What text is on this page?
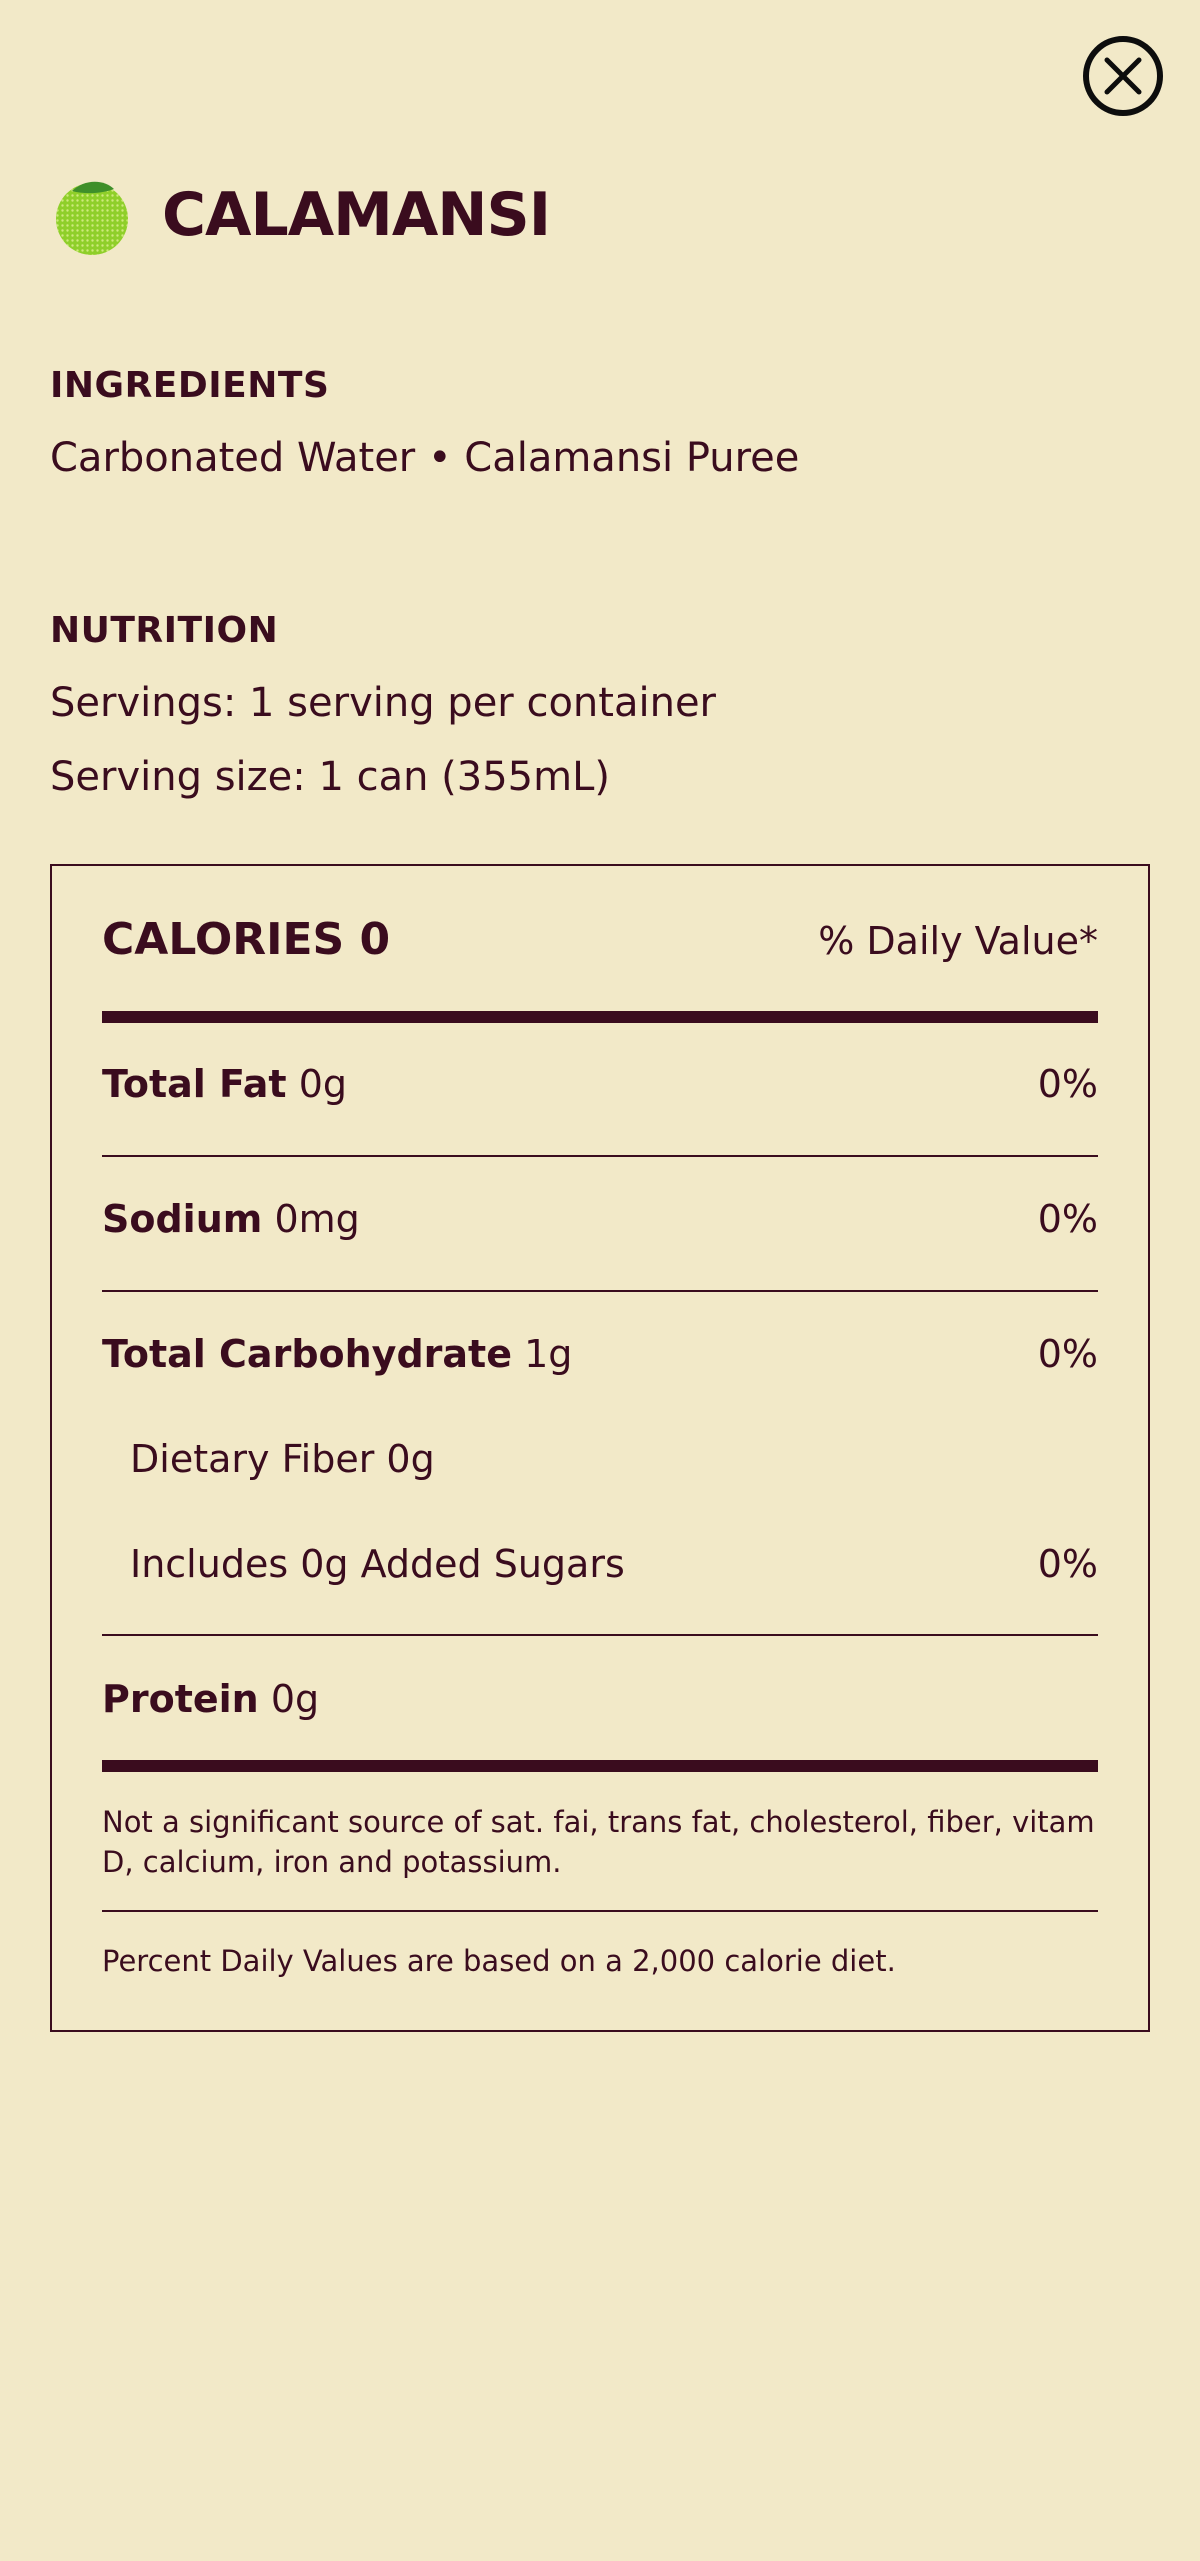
CALAMANSI
INGREDIENTS
Carbonated Water • Calamansi Puree
NUTRITION
Servings: 1 serving per container
Serving size: 1 can (355mL)
CALORIES 0	% Daily Value*
Total Fat 0g	0%
Sodium 0mg	0%
Total Carbohydrate 1g	0%
Dietary Fiber 0g
Includes 0g Added Sugars	0%
Protein 0g
Not a significant source of sat. fai, trans fat, cholesterol, fiber, vitam D, calcium, iron and potassium.
Percent Daily Values are based on a 2,000 calorie diet.
